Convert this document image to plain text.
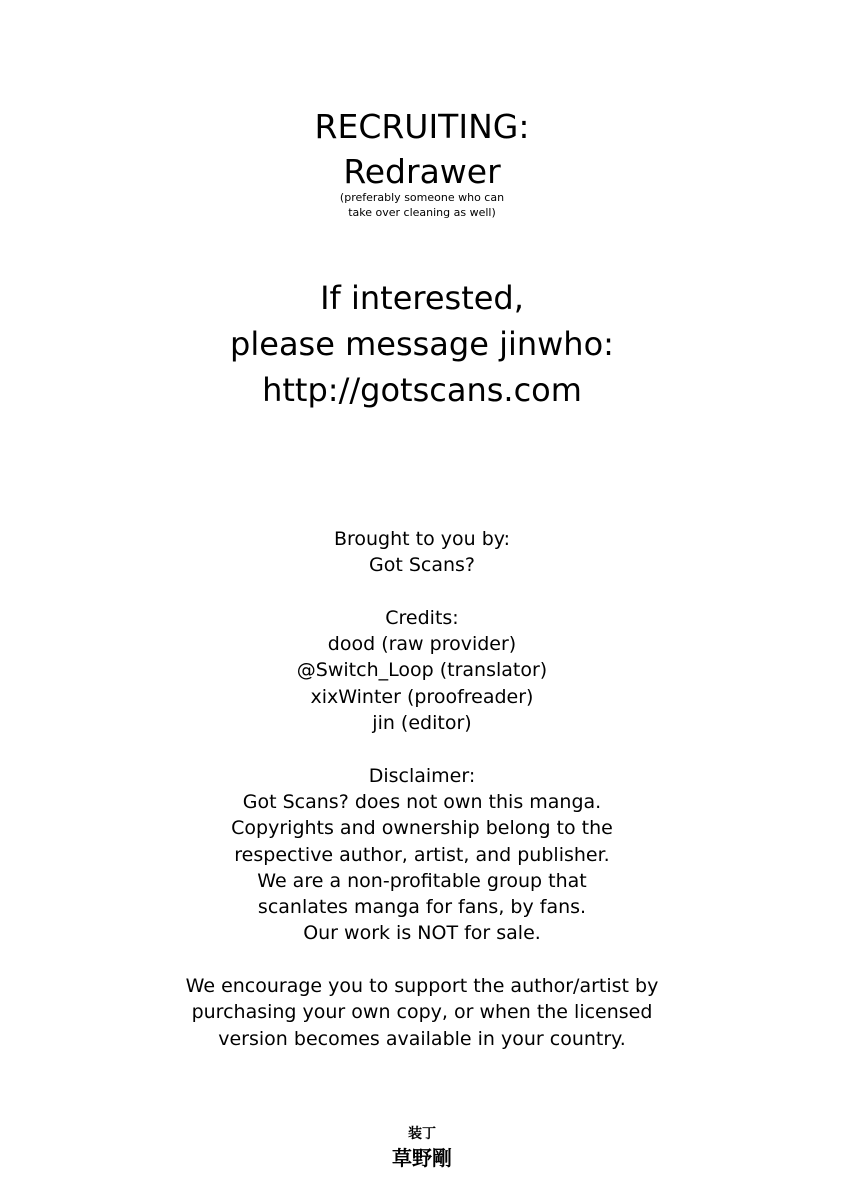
RECRUITING:
Redrawer
(preferably someone who can
take over cleaning as well)
If interested,
please message jinwho:
http://gotscans.com
Brought to you by:
Got Scans?
Credits:
dood (raw provider)
@Switch_Loop (translator)
xixWinter (proofreader)
jin (editor)
Disclaimer:
Got Scans? does not own this manga.
Copyrights and ownership belong to the
respective author, artist, and publisher.
We are a non-profitable group that
scanlates manga for fans, by fans.
Our work is NOT for sale.
We encourage you to support the author/artist by
purchasing your own copy, or when the licensed
version becomes available in your country.
装丁
草野剛
